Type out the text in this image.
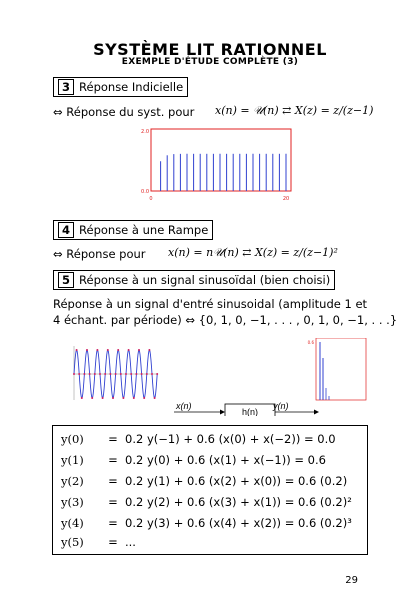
SYSTÈME LIT RATIONNEL
EXEMPLE D'ÉTUDE COMPLÈTE (3)
3 Réponse Indicielle
⇔ Réponse du syst. pour x(n) = 𝒰(n) ⇄ X(z) = z/(z−1)
2.0
0.0
0	20
4 Réponse à une Rampe
⇔ Réponse pour x(n) = n𝒰(n) ⇄ X(z) = z/(z−1)²
5 Réponse à un signal sinusoïdal (bien choisi)
Réponse à un signal d'entré sinusoidal (amplitude 1 et
4 échant. par période) ⇔ {0, 1, 0, −1, . . . , 0, 1, 0, −1, . . .}
x(n)
h(n)
y(n)
0.6
y(0) = 0.2 y(−1) + 0.6 (x(0) + x(−2)) = 0.0
y(1) = 0.2 y(0) + 0.6 (x(1) + x(−1)) = 0.6
y(2) = 0.2 y(1) + 0.6 (x(2) + x(0)) = 0.6 (0.2)
y(3) = 0.2 y(2) + 0.6 (x(3) + x(1)) = 0.6 (0.2)²
y(4) = 0.2 y(3) + 0.6 (x(4) + x(2)) = 0.6 (0.2)³
y(5) = ...
29
